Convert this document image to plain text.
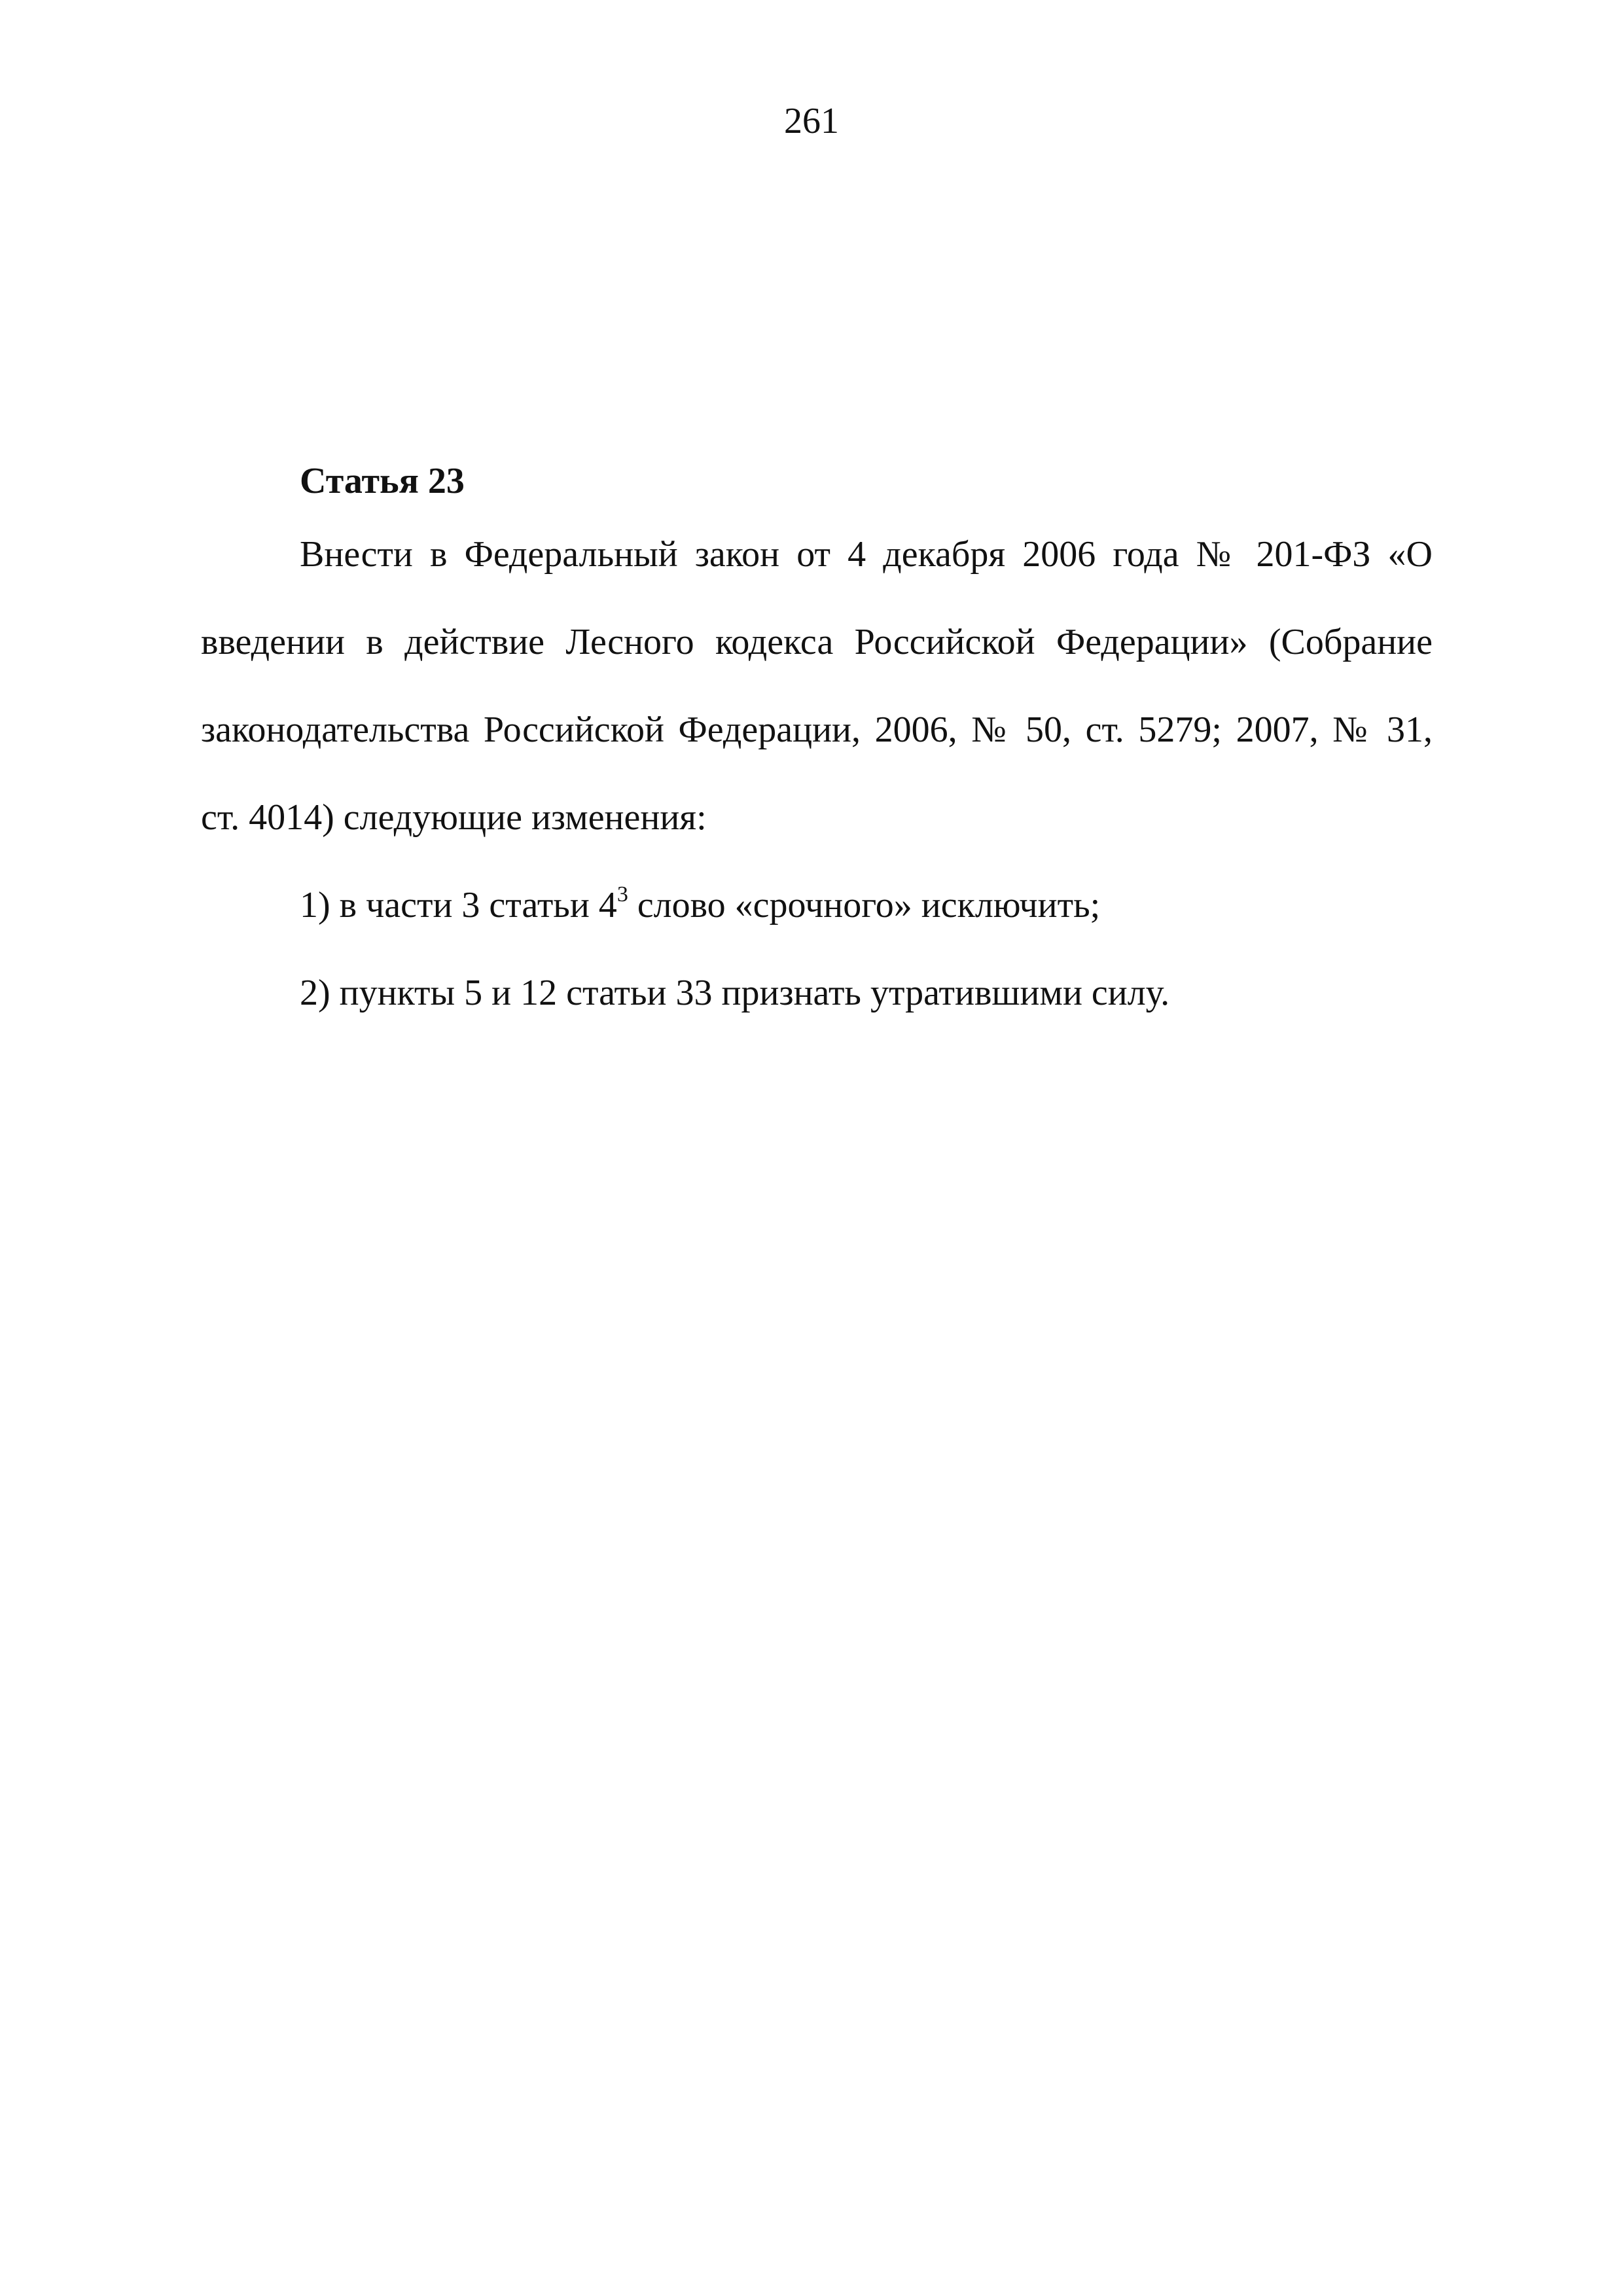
261

Статья 23

Внести в Федеральный закон от 4 декабря 2006 года № 201-ФЗ «О

введении в действие Лесного кодекса Российской Федерации» (Собрание

законодательства Российской Федерации, 2006, № 50, ст. 5279; 2007, № 31,

ст. 4014) следующие изменения:

1) в части 3 статьи $4^3$ слово «срочного» исключить;

2) пункты 5 и 12 статьи 33 признать утратившими силу.
